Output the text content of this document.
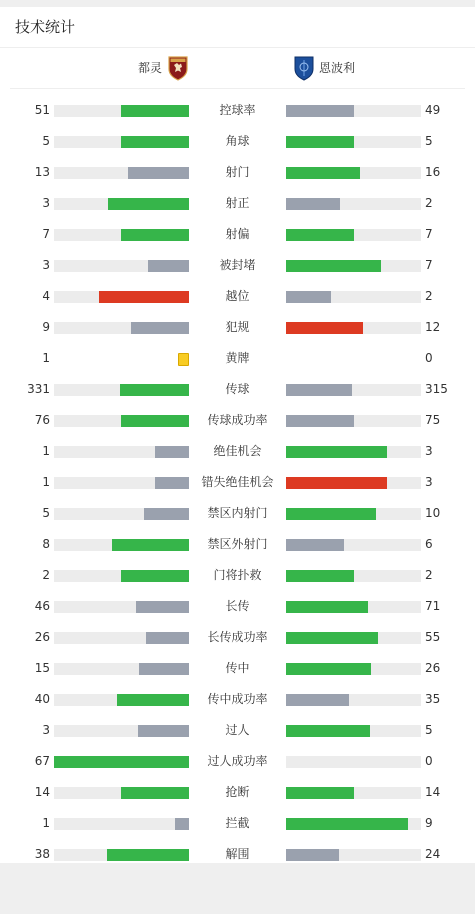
技术统计
都灵	恩波利
51	控球率	49
5	角球	5
13	射门	16
3	射正	2
7	射偏	7
3	被封堵	7
4	越位	2
9	犯规	12
1	黄牌	0
331	传球	315
76	传球成功率	75
1	绝佳机会	3
1	错失绝佳机会	3
5	禁区内射门	10
8	禁区外射门	6
2	门将扑救	2
46	长传	71
26	长传成功率	55
15	传中	26
40	传中成功率	35
3	过人	5
67	过人成功率	0
14	抢断	14
1	拦截	9
38	解围	24
